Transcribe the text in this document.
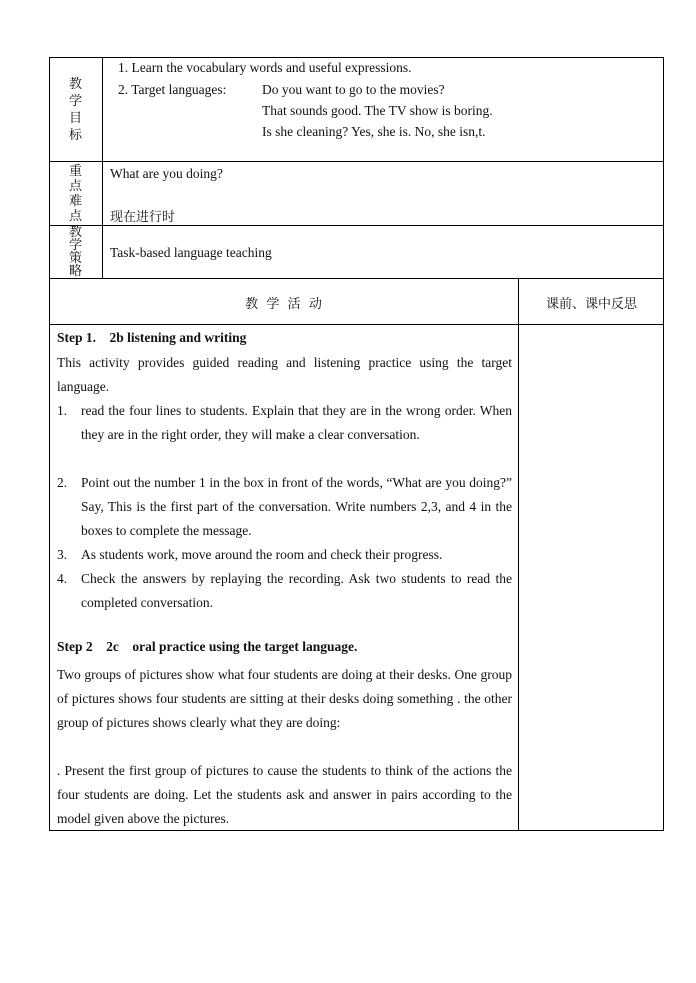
教
学
目
标
1. Learn the vocabulary words and useful expressions.
2. Target languages:	Do you want to go to the movies?
That sounds good. The TV show is boring.
Is she cleaning? Yes, she is. No, she isn,t.
重
点
难
点
What are you doing?
现在进行时
教
学
策
略
Task-based language teaching
教  学  活  动	课前、课中反思
Step 1.    2b listening and writing
This activity provides guided reading and listening practice using the target language.
1. read the four lines to students. Explain that they are in the wrong order. When they are in the right order, they will make a clear conversation.
2. Point out the number 1 in the box in front of the words, “What are you doing?” Say, This is the first part of the conversation. Write numbers 2,3, and 4 in the boxes to complete the message.
3. As students work, move around the room and check their progress.
4. Check the answers by replaying the recording. Ask two students to read the completed conversation.
Step 2    2c    oral practice using the target language.
Two groups of pictures show what four students are doing at their desks. One group of pictures shows four students are sitting at their desks doing something . the other group of pictures shows clearly what they are doing:
. Present the first group of pictures to cause the students to think of the actions the four students are doing. Let the students ask and answer in pairs according to the model given above the pictures.
